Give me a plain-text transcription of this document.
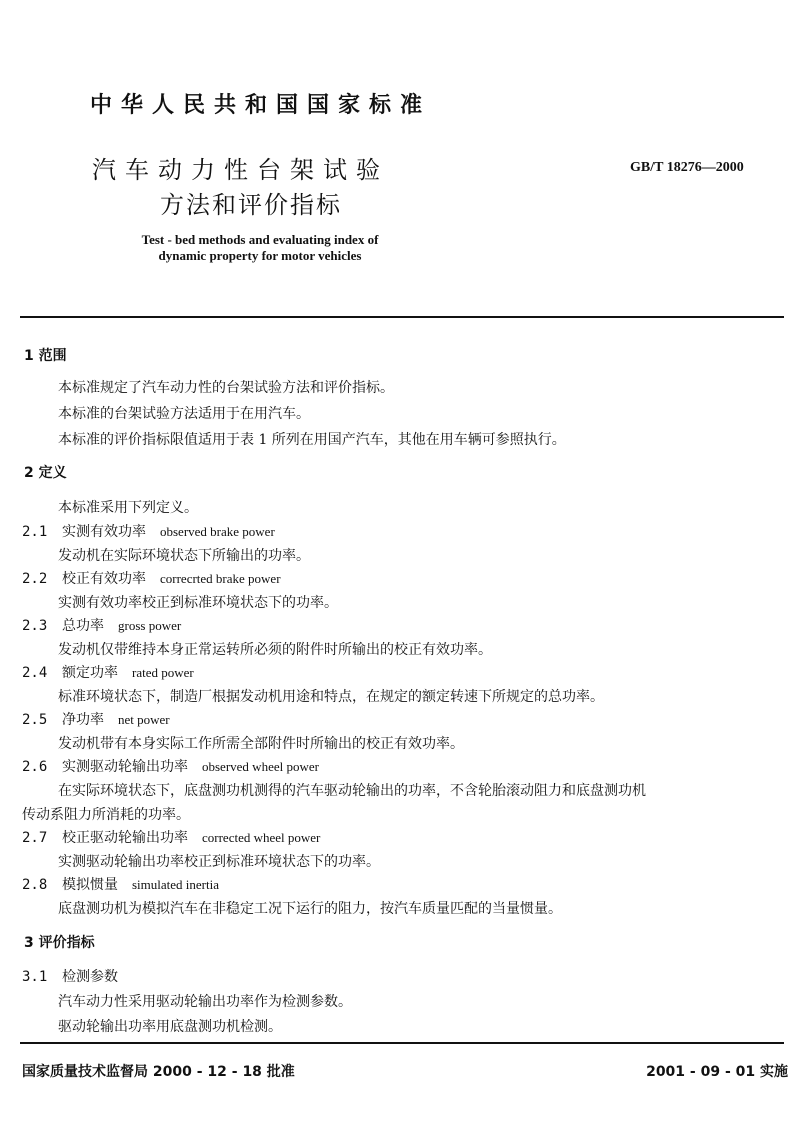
中华人民共和国国家标准
汽车动力性台架试验
方法和评价指标
GB/T 18276—2000
Test - bed methods and evaluating index of
dynamic property for motor vehicles
1 范围
本标准规定了汽车动力性的台架试验方法和评价指标。
本标准的台架试验方法适用于在用汽车。
本标准的评价指标限值适用于表 1 所列在用国产汽车，其他在用车辆可参照执行。
2 定义
本标准采用下列定义。
2.1 实测有效功率 observed brake power
发动机在实际环境状态下所输出的功率。
2.2 校正有效功率 correcrted brake power
实测有效功率校正到标准环境状态下的功率。
2.3 总功率 gross power
发动机仅带维持本身正常运转所必须的附件时所输出的校正有效功率。
2.4 额定功率 rated power
标准环境状态下，制造厂根据发动机用途和特点，在规定的额定转速下所规定的总功率。
2.5 净功率 net power
发动机带有本身实际工作所需全部附件时所输出的校正有效功率。
2.6 实测驱动轮输出功率 observed wheel power
在实际环境状态下，底盘测功机测得的汽车驱动轮输出的功率，不含轮胎滚动阻力和底盘测功机
传动系阻力所消耗的功率。
2.7 校正驱动轮输出功率 corrected wheel power
实测驱动轮输出功率校正到标准环境状态下的功率。
2.8 模拟惯量 simulated inertia
底盘测功机为模拟汽车在非稳定工况下运行的阻力，按汽车质量匹配的当量惯量。
3 评价指标
3.1 检测参数
汽车动力性采用驱动轮输出功率作为检测参数。
驱动轮输出功率用底盘测功机检测。
国家质量技术监督局 2000 - 12 - 18 批准	2001 - 09 - 01 实施
